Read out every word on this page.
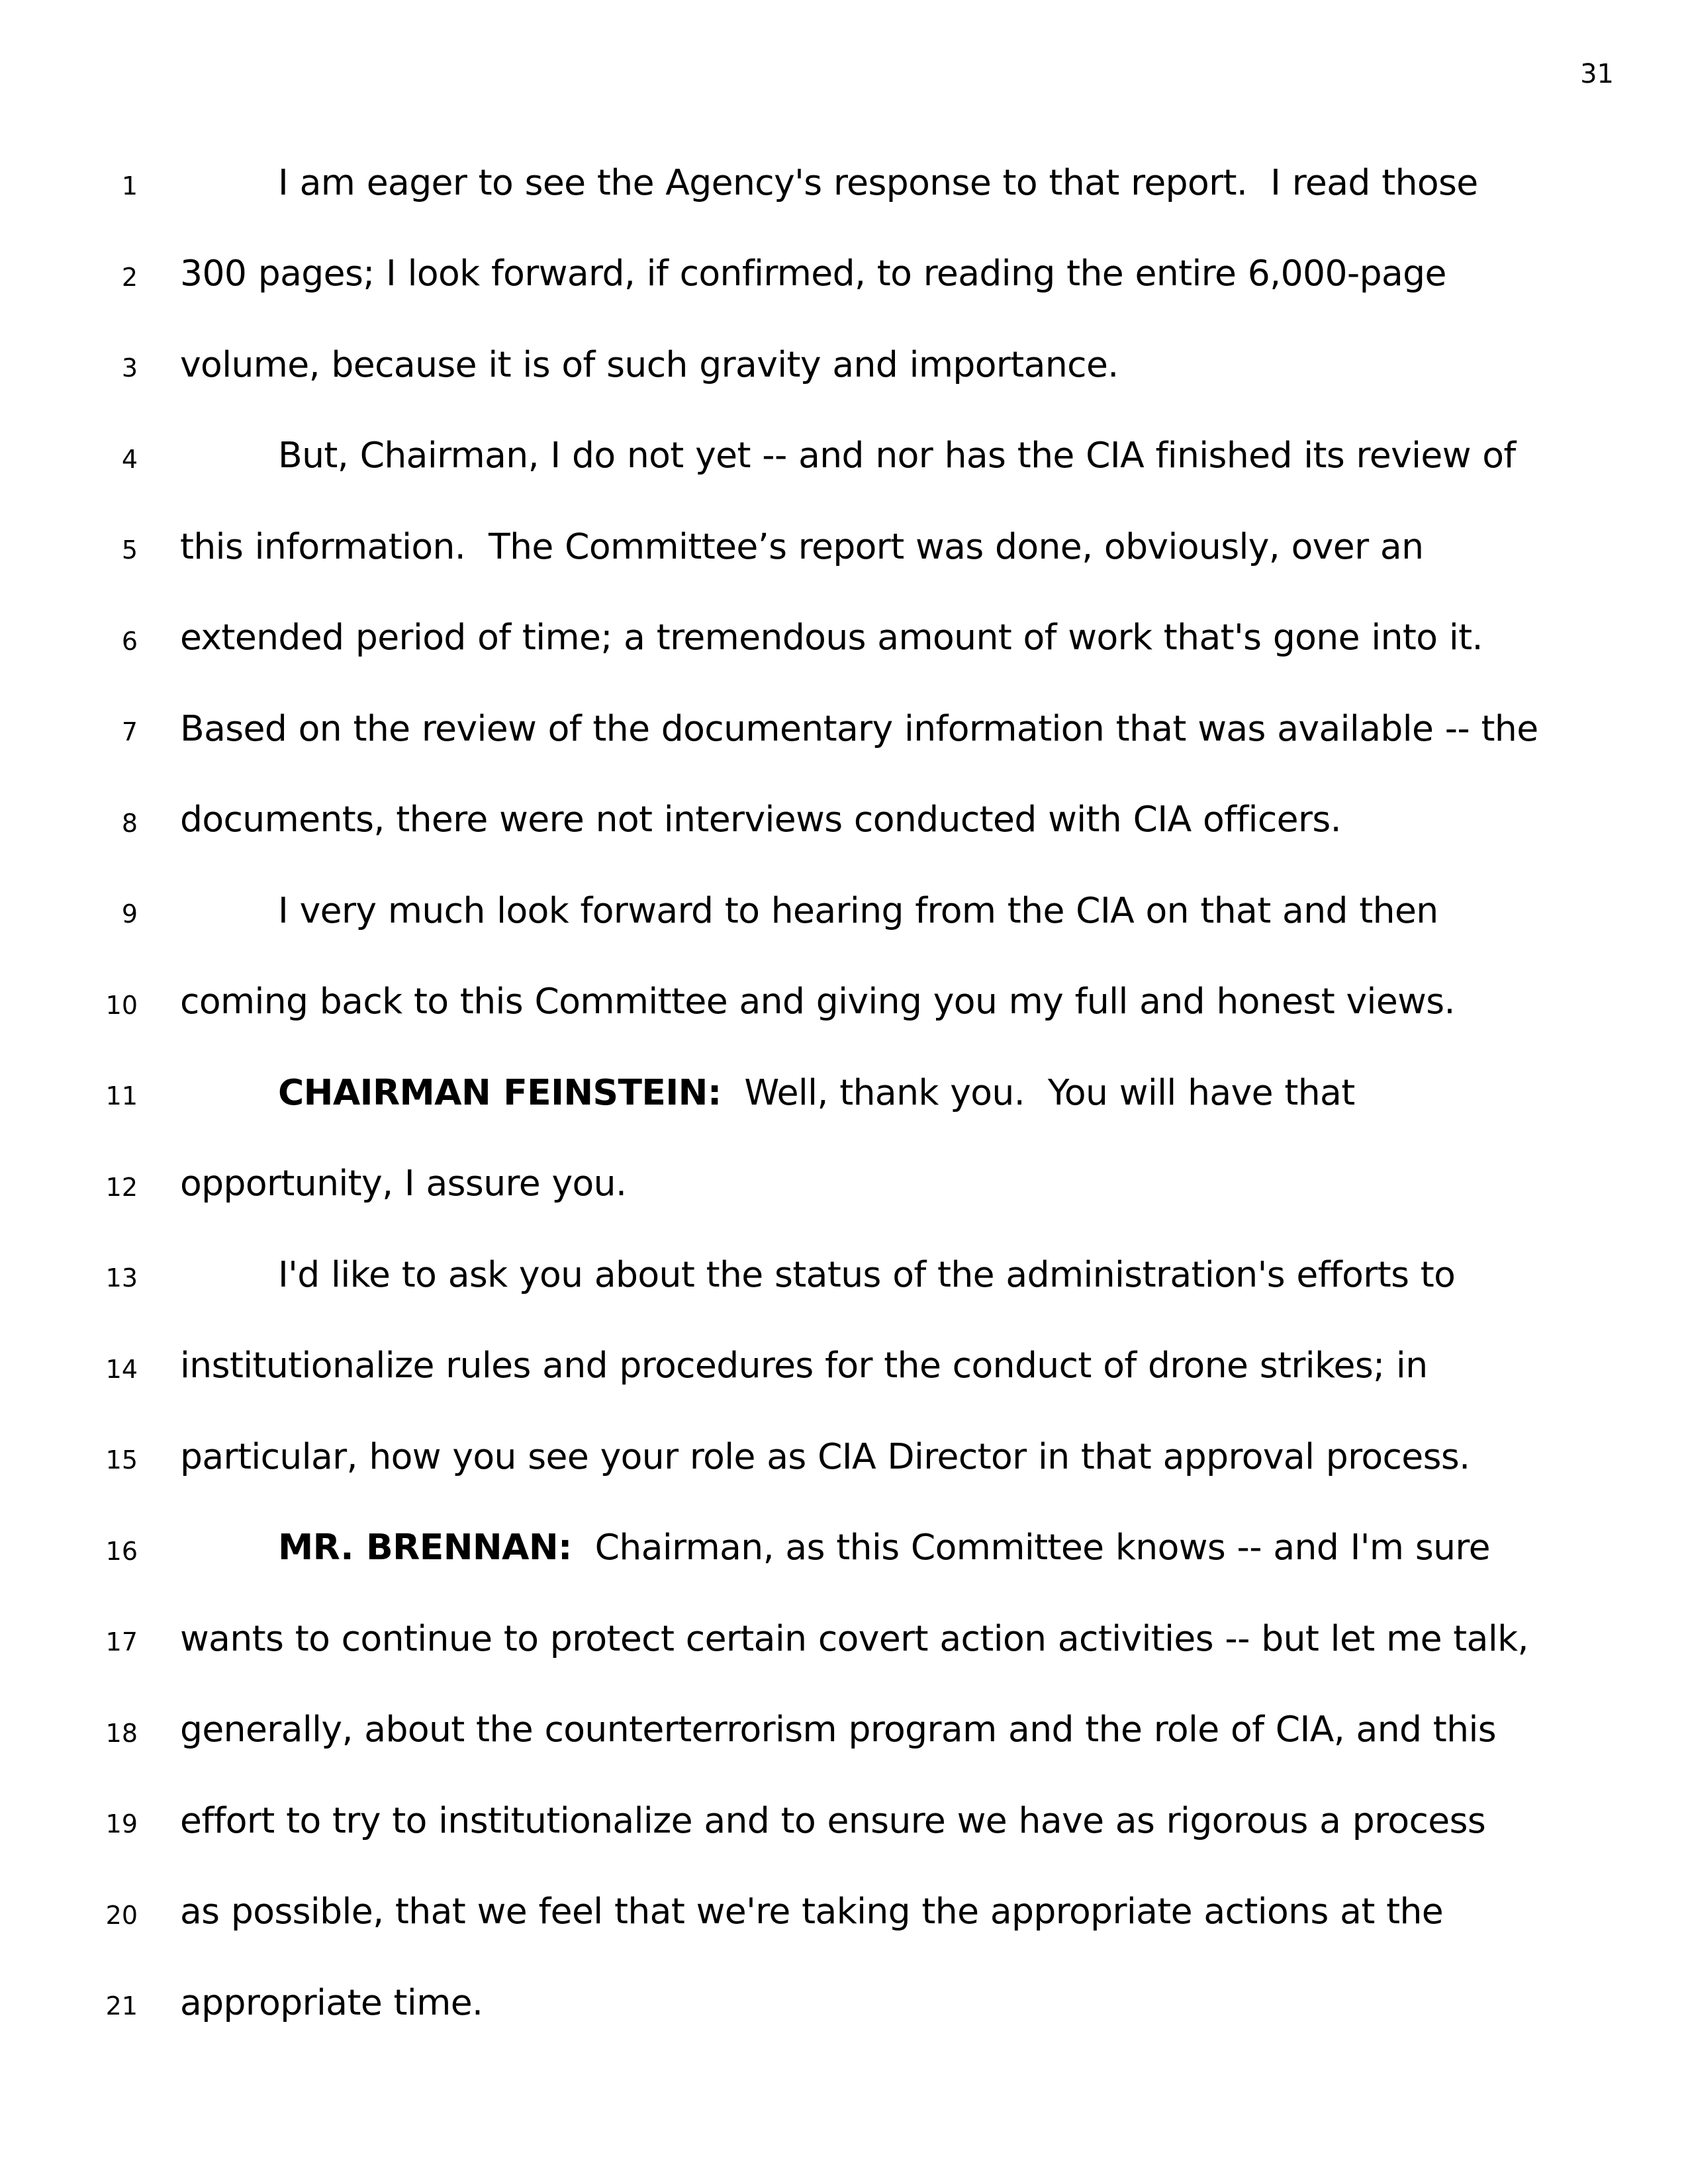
31
1	I am eager to see the Agency's response to that report.  I read those
2 300 pages; I look forward, if confirmed, to reading the entire 6,000-page
3 volume, because it is of such gravity and importance.
4	But, Chairman, I do not yet -- and nor has the CIA finished its review of
5 this information.  The Committee’s report was done, obviously, over an
6 extended period of time; a tremendous amount of work that's gone into it.
7 Based on the review of the documentary information that was available -- the
8 documents, there were not interviews conducted with CIA officers.
9	I very much look forward to hearing from the CIA on that and then
10 coming back to this Committee and giving you my full and honest views.
11	CHAIRMAN FEINSTEIN:  Well, thank you.  You will have that
12 opportunity, I assure you.
13	I'd like to ask you about the status of the administration's efforts to
14 institutionalize rules and procedures for the conduct of drone strikes; in
15 particular, how you see your role as CIA Director in that approval process.
16	MR. BRENNAN:  Chairman, as this Committee knows -- and I'm sure
17 wants to continue to protect certain covert action activities -- but let me talk,
18 generally, about the counterterrorism program and the role of CIA, and this
19 effort to try to institutionalize and to ensure we have as rigorous a process
20 as possible, that we feel that we're taking the appropriate actions at the
21 appropriate time.
